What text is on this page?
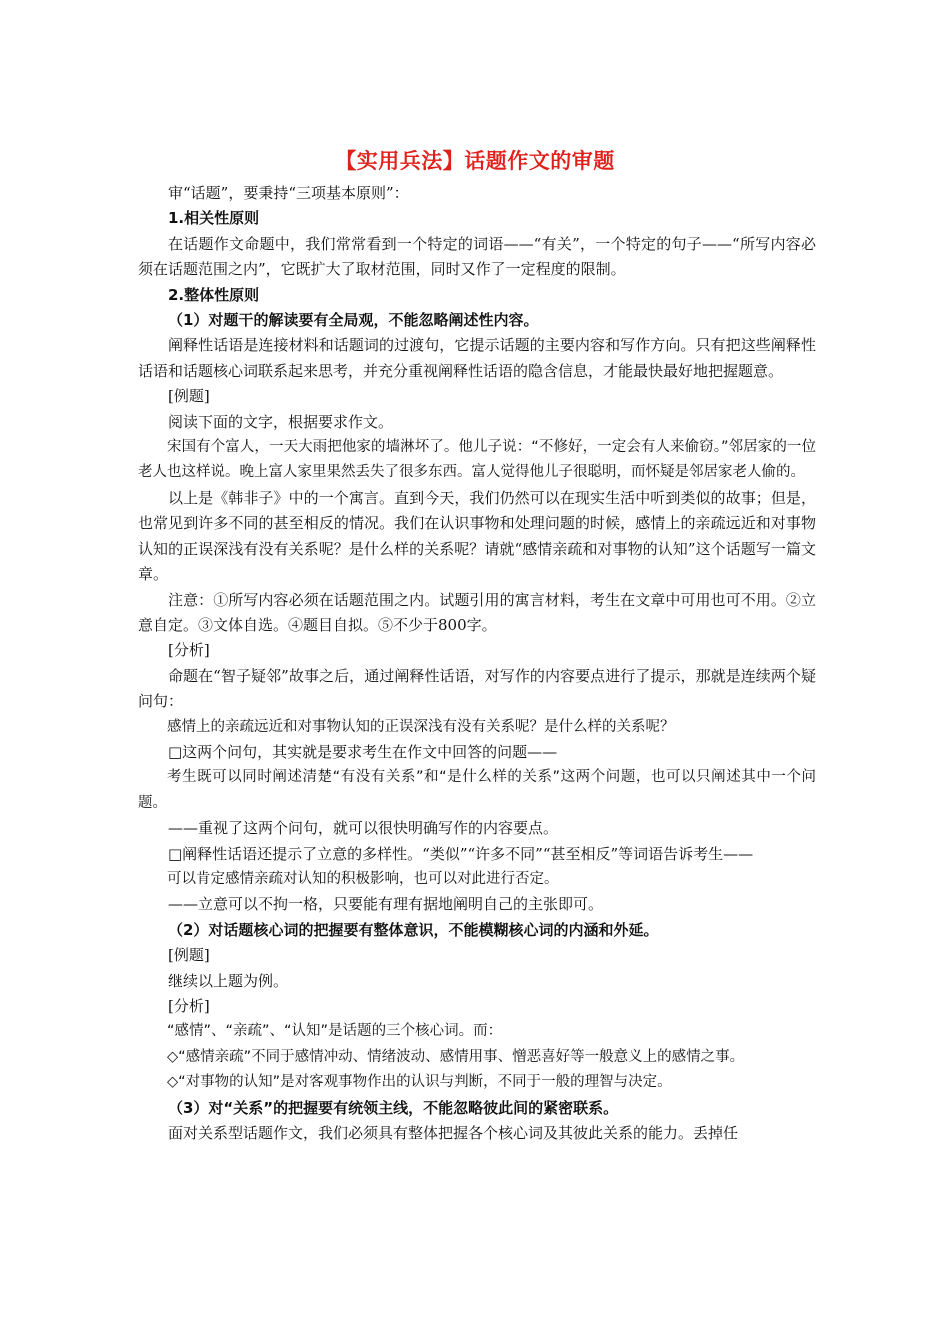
【实用兵法】话题作文的审题

审“话题”，要秉持“三项基本原则”：

1.相关性原则

在话题作文命题中，我们常常看到一个特定的词语——“有关”，一个特定的句子——“所写内容必须在话题范围之内”，它既扩大了取材范围，同时又作了一定程度的限制。

2.整体性原则

（1）对题干的解读要有全局观，不能忽略阐述性内容。

阐释性话语是连接材料和话题词的过渡句，它提示话题的主要内容和写作方向。只有把这些阐释性话语和话题核心词联系起来思考，并充分重视阐释性话语的隐含信息，才能最快最好地把握题意。

[例题]

阅读下面的文字，根据要求作文。

宋国有个富人，一天大雨把他家的墙淋坏了。他儿子说：“不修好，一定会有人来偷窃。”邻居家的一位老人也这样说。晚上富人家里果然丢失了很多东西。富人觉得他儿子很聪明，而怀疑是邻居家老人偷的。

以上是《韩非子》中的一个寓言。直到今天，我们仍然可以在现实生活中听到类似的故事；但是，也常见到许多不同的甚至相反的情况。我们在认识事物和处理问题的时候，感情上的亲疏远近和对事物认知的正误深浅有没有关系呢？是什么样的关系呢？请就“感情亲疏和对事物的认知”这个话题写一篇文章。

注意：①所写内容必须在话题范围之内。试题引用的寓言材料，考生在文章中可用也可不用。②立意自定。③文体自选。④题目自拟。⑤不少于800字。

[分析]

命题在“智子疑邻”故事之后，通过阐释性话语，对写作的内容要点进行了提示，那就是连续两个疑问句：

感情上的亲疏远近和对事物认知的正误深浅有没有关系呢？是什么样的关系呢？

□这两个问句，其实就是要求考生在作文中回答的问题——

考生既可以同时阐述清楚“有没有关系”和“是什么样的关系”这两个问题，也可以只阐述其中一个问题。

——重视了这两个问句，就可以很快明确写作的内容要点。

□阐释性话语还提示了立意的多样性。“类似”“许多不同”“甚至相反”等词语告诉考生——

可以肯定感情亲疏对认知的积极影响，也可以对此进行否定。

——立意可以不拘一格，只要能有理有据地阐明自己的主张即可。

（2）对话题核心词的把握要有整体意识，不能模糊核心词的内涵和外延。

[例题]

继续以上题为例。

[分析]

“感情”、“亲疏”、“认知”是话题的三个核心词。而：

◇“感情亲疏”不同于感情冲动、情绪波动、感情用事、憎恶喜好等一般意义上的感情之事。

◇“对事物的认知”是对客观事物作出的认识与判断，不同于一般的理智与决定。

（3）对“关系”的把握要有统领主线，不能忽略彼此间的紧密联系。

面对关系型话题作文，我们必须具有整体把握各个核心词及其彼此关系的能力。丢掉任
